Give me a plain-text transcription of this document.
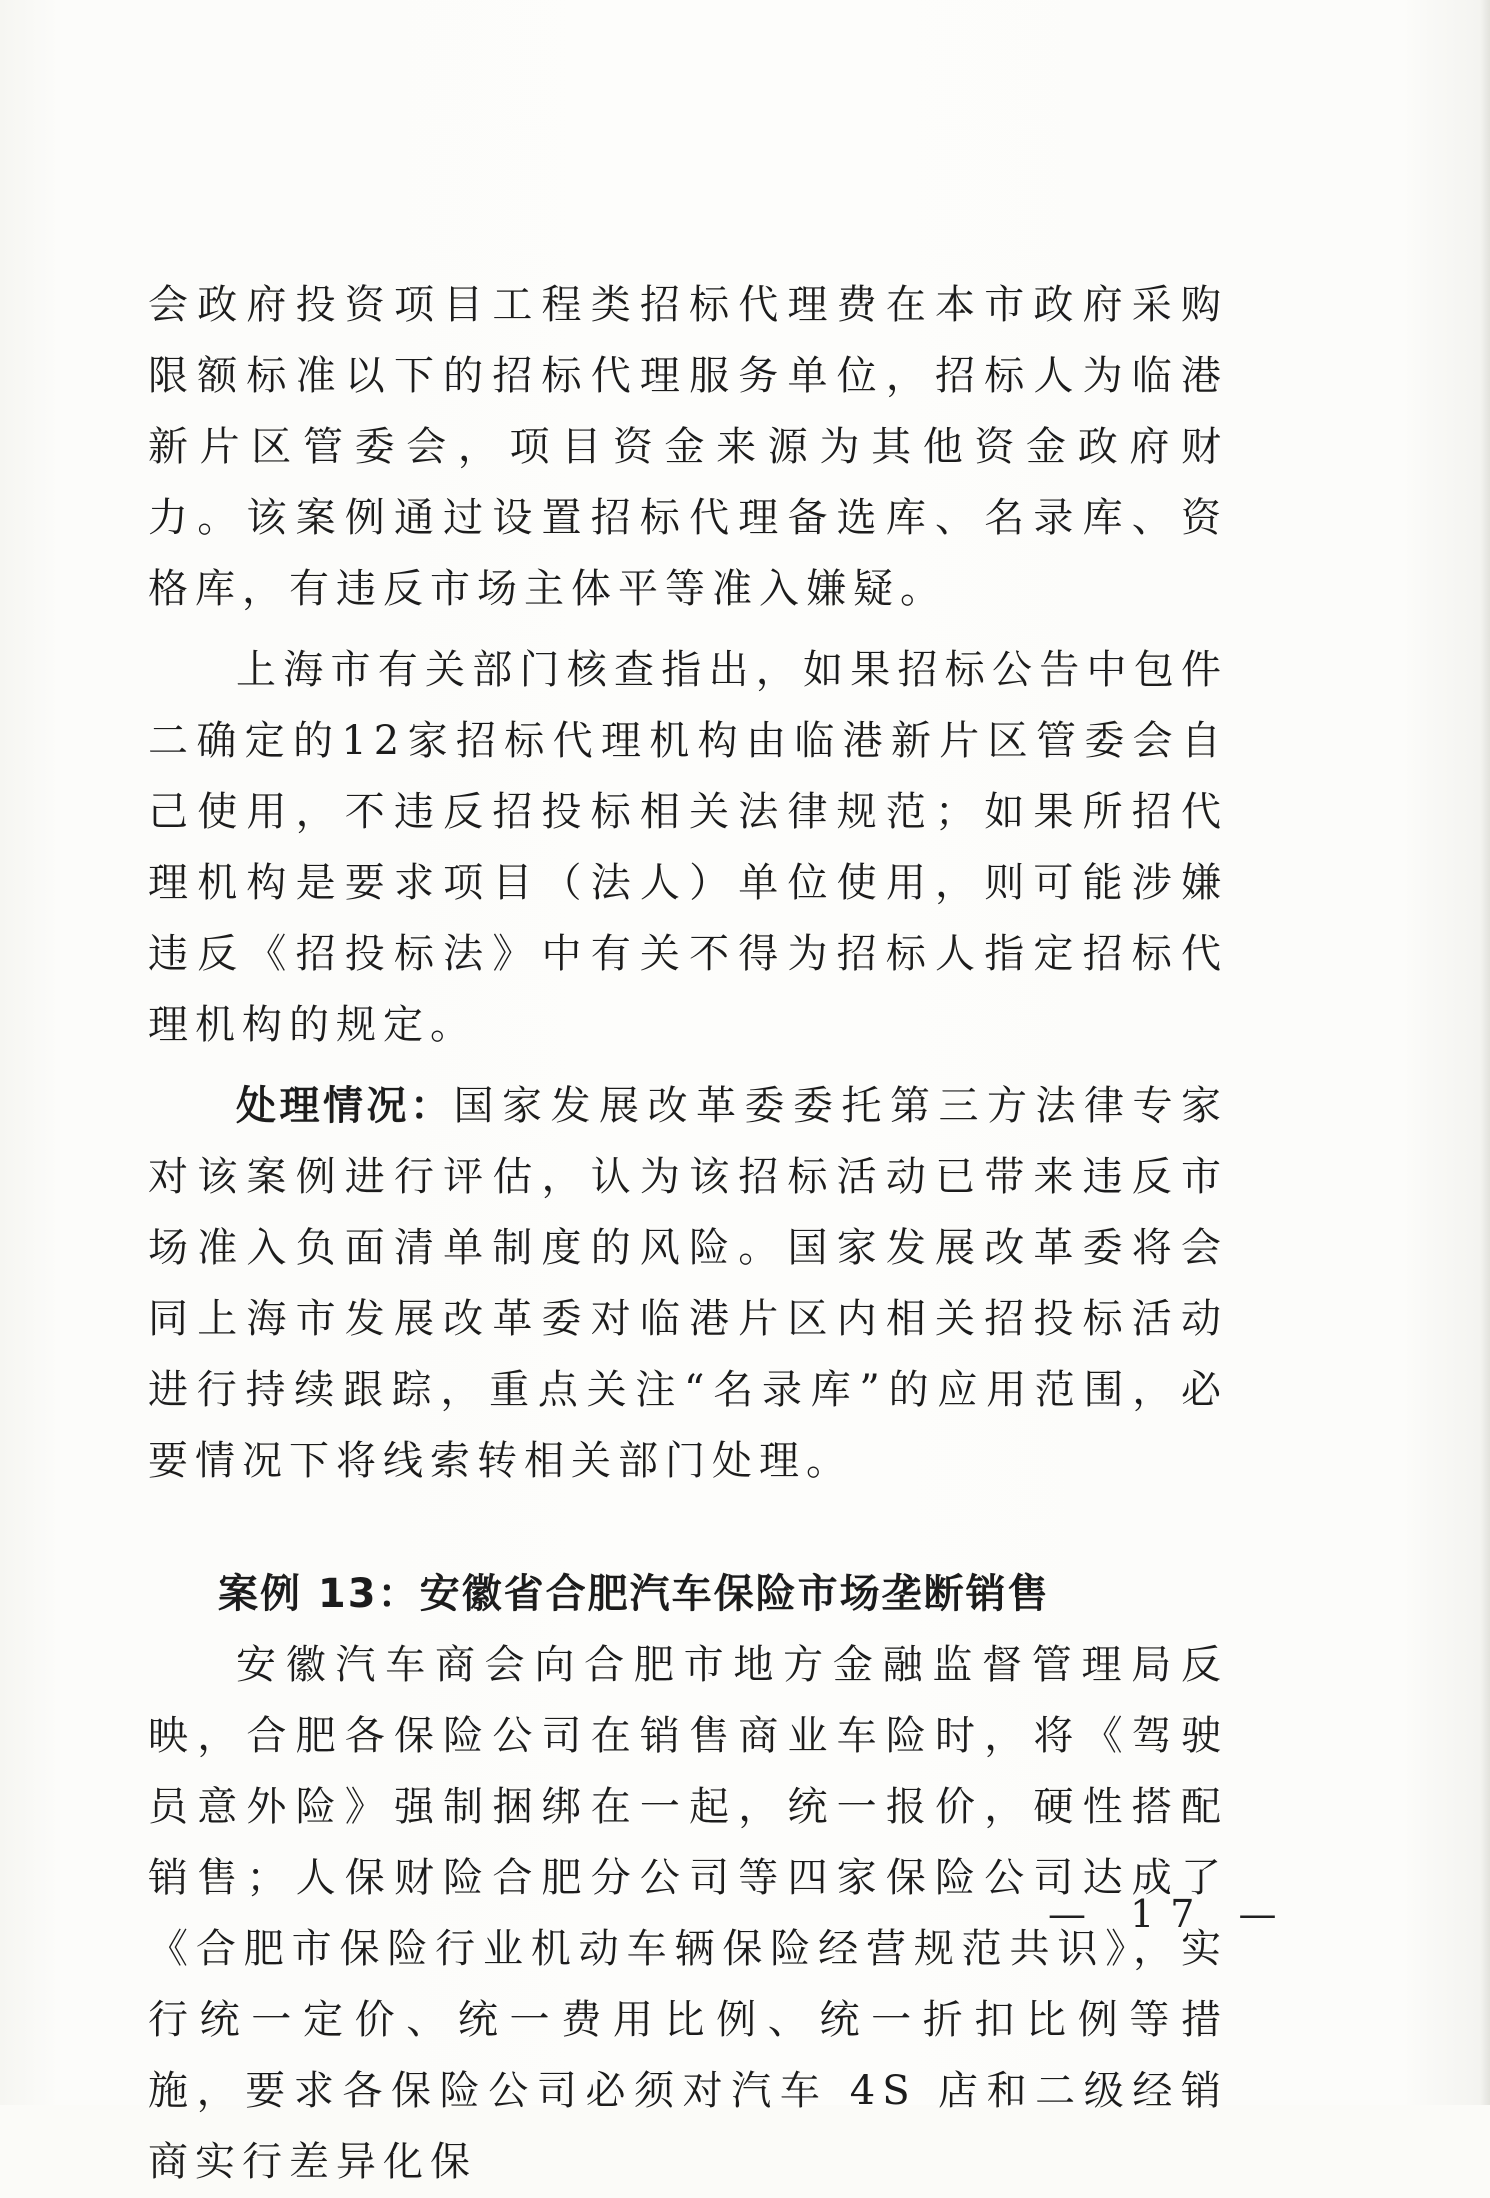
会政府投资项目工程类招标代理费在本市政府采购限额标准以下的招标代理服务单位，招标人为临港新片区管委会，项目资金来源为其他资金政府财力。该案例通过设置招标代理备选库、名录库、资格库，有违反市场主体平等准入嫌疑。

上海市有关部门核查指出，如果招标公告中包件二确定的12家招标代理机构由临港新片区管委会自己使用，不违反招投标相关法律规范；如果所招代理机构是要求项目（法人）单位使用，则可能涉嫌违反《招投标法》中有关不得为招标人指定招标代理机构的规定。

处理情况：国家发展改革委委托第三方法律专家对该案例进行评估，认为该招标活动已带来违反市场准入负面清单制度的风险。国家发展改革委将会同上海市发展改革委对临港片区内相关招投标活动进行持续跟踪，重点关注“名录库”的应用范围，必要情况下将线索转相关部门处理。

案例 13：安徽省合肥汽车保险市场垄断销售

安徽汽车商会向合肥市地方金融监督管理局反映，合肥各保险公司在销售商业车险时，将《驾驶员意外险》强制捆绑在一起，统一报价，硬性搭配销售；人保财险合肥分公司等四家保险公司达成了《合肥市保险行业机动车辆保险经营规范共识》，实行统一定价、统一费用比例、统一折扣比例等措施，要求各保险公司必须对汽车 4S 店和二级经销商实行差异化保

— 17 —
